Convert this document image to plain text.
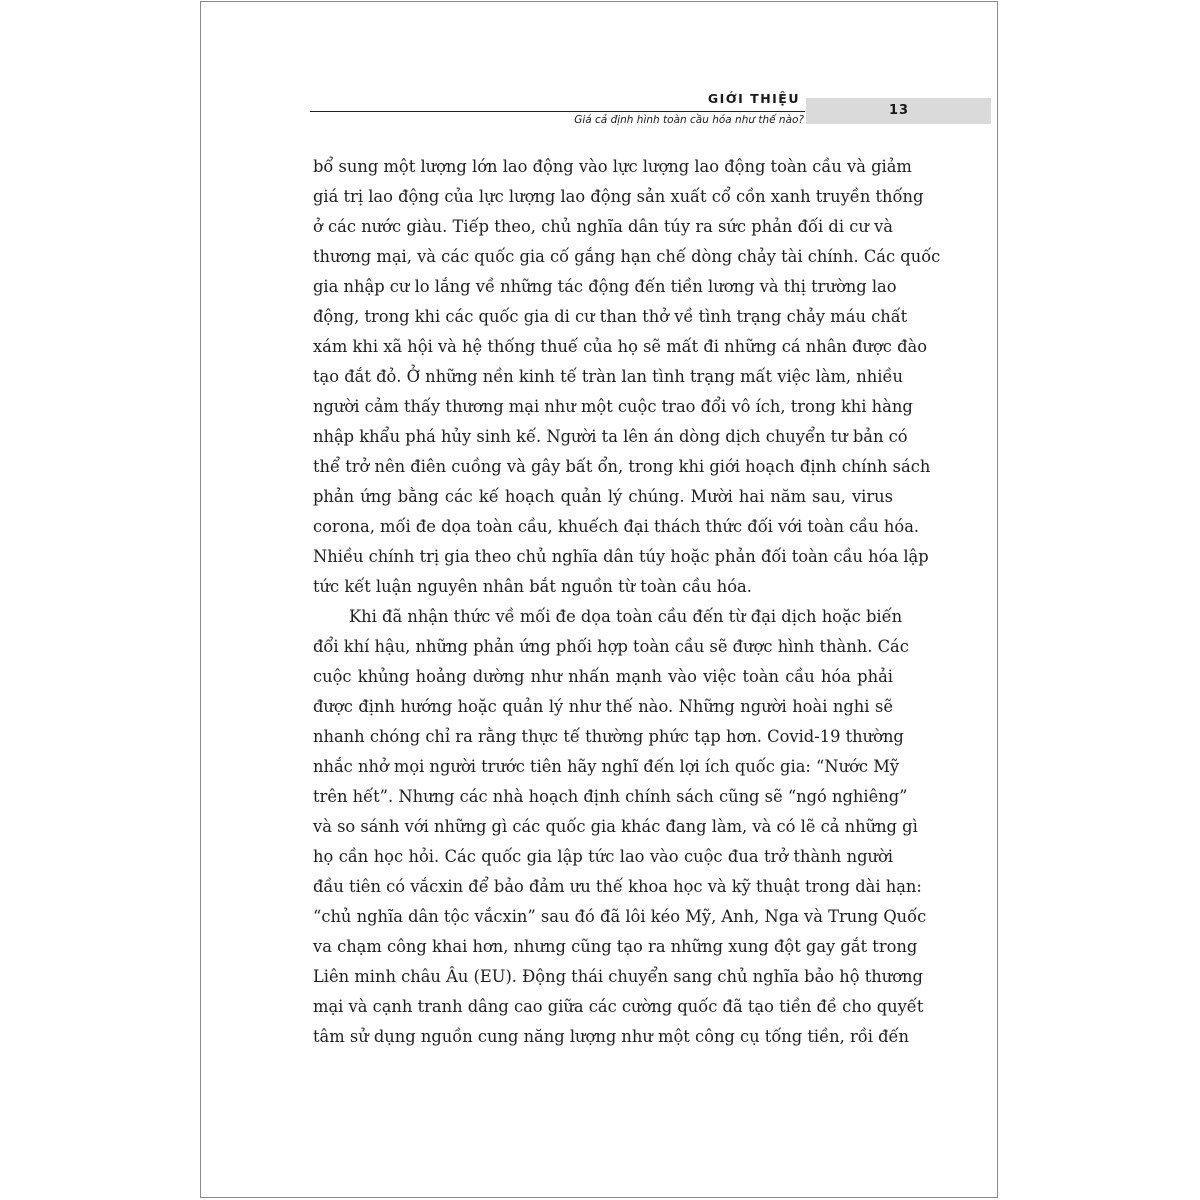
GIỚI THIỆU
Giá cả định hình toàn cầu hóa như thế nào?
13
bổ sung một lượng lớn lao động vào lực lượng lao động toàn cầu và giảm
giá trị lao động của lực lượng lao động sản xuất cổ cồn xanh truyền thống
ở các nước giàu. Tiếp theo, chủ nghĩa dân túy ra sức phản đối di cư và
thương mại, và các quốc gia cố gắng hạn chế dòng chảy tài chính. Các quốc
gia nhập cư lo lắng về những tác động đến tiền lương và thị trường lao
động, trong khi các quốc gia di cư than thở về tình trạng chảy máu chất
xám khi xã hội và hệ thống thuế của họ sẽ mất đi những cá nhân được đào
tạo đắt đỏ. Ở những nền kinh tế tràn lan tình trạng mất việc làm, nhiều
người cảm thấy thương mại như một cuộc trao đổi vô ích, trong khi hàng
nhập khẩu phá hủy sinh kế. Người ta lên án dòng dịch chuyển tư bản có
thể trở nên điên cuồng và gây bất ổn, trong khi giới hoạch định chính sách
phản ứng bằng các kế hoạch quản lý chúng. Mười hai năm sau, virus
corona, mối đe dọa toàn cầu, khuếch đại thách thức đối với toàn cầu hóa.
Nhiều chính trị gia theo chủ nghĩa dân túy hoặc phản đối toàn cầu hóa lập
tức kết luận nguyên nhân bắt nguồn từ toàn cầu hóa.
Khi đã nhận thức về mối đe dọa toàn cầu đến từ đại dịch hoặc biến
đổi khí hậu, những phản ứng phối hợp toàn cầu sẽ được hình thành. Các
cuộc khủng hoảng dường như nhấn mạnh vào việc toàn cầu hóa phải
được định hướng hoặc quản lý như thế nào. Những người hoài nghi sẽ
nhanh chóng chỉ ra rằng thực tế thường phức tạp hơn. Covid-19 thường
nhắc nhở mọi người trước tiên hãy nghĩ đến lợi ích quốc gia: “Nước Mỹ
trên hết”. Nhưng các nhà hoạch định chính sách cũng sẽ “ngó nghiêng”
và so sánh với những gì các quốc gia khác đang làm, và có lẽ cả những gì
họ cần học hỏi. Các quốc gia lập tức lao vào cuộc đua trở thành người
đầu tiên có vắcxin để bảo đảm ưu thế khoa học và kỹ thuật trong dài hạn:
“chủ nghĩa dân tộc vắcxin” sau đó đã lôi kéo Mỹ, Anh, Nga và Trung Quốc
va chạm công khai hơn, nhưng cũng tạo ra những xung đột gay gắt trong
Liên minh châu Âu (EU). Động thái chuyển sang chủ nghĩa bảo hộ thương
mại và cạnh tranh dâng cao giữa các cường quốc đã tạo tiền đề cho quyết
tâm sử dụng nguồn cung năng lượng như một công cụ tống tiền, rồi đến
